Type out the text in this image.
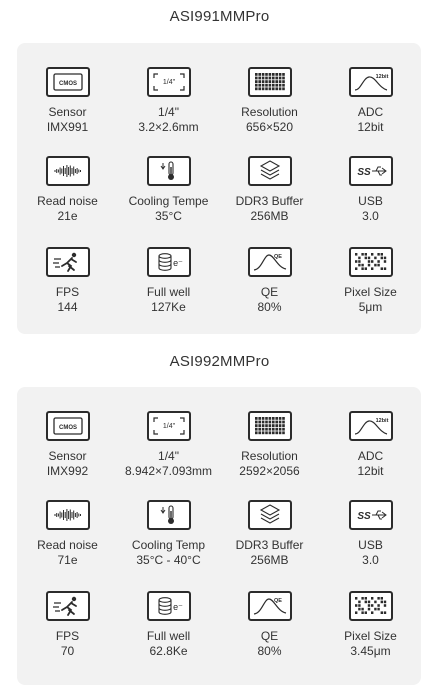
ASI991MMPro
CMOS
Sensor
IMX991
1/4"
1/4"
3.2×2.6mm
Resolution
656×520
12bit
ADC
12bit
Read noise
21e
Cooling Tempe
35°C
DDR3 Buffer
256MB
SS
USB
3.0
FPS
144
e⁻
Full well
127Ke
QE
QE
80%
Pixel Size
5μm
ASI992MMPro
CMOS
Sensor
IMX992
1/4"
1/4"
8.942×7.093mm
Resolution
2592×2056
12bit
ADC
12bit
Read noise
71e
Cooling Temp
35°C - 40°C
DDR3 Buffer
256MB
SS
USB
3.0
FPS
70
e⁻
Full well
62.8Ke
QE
QE
80%
Pixel Size
3.45μm
